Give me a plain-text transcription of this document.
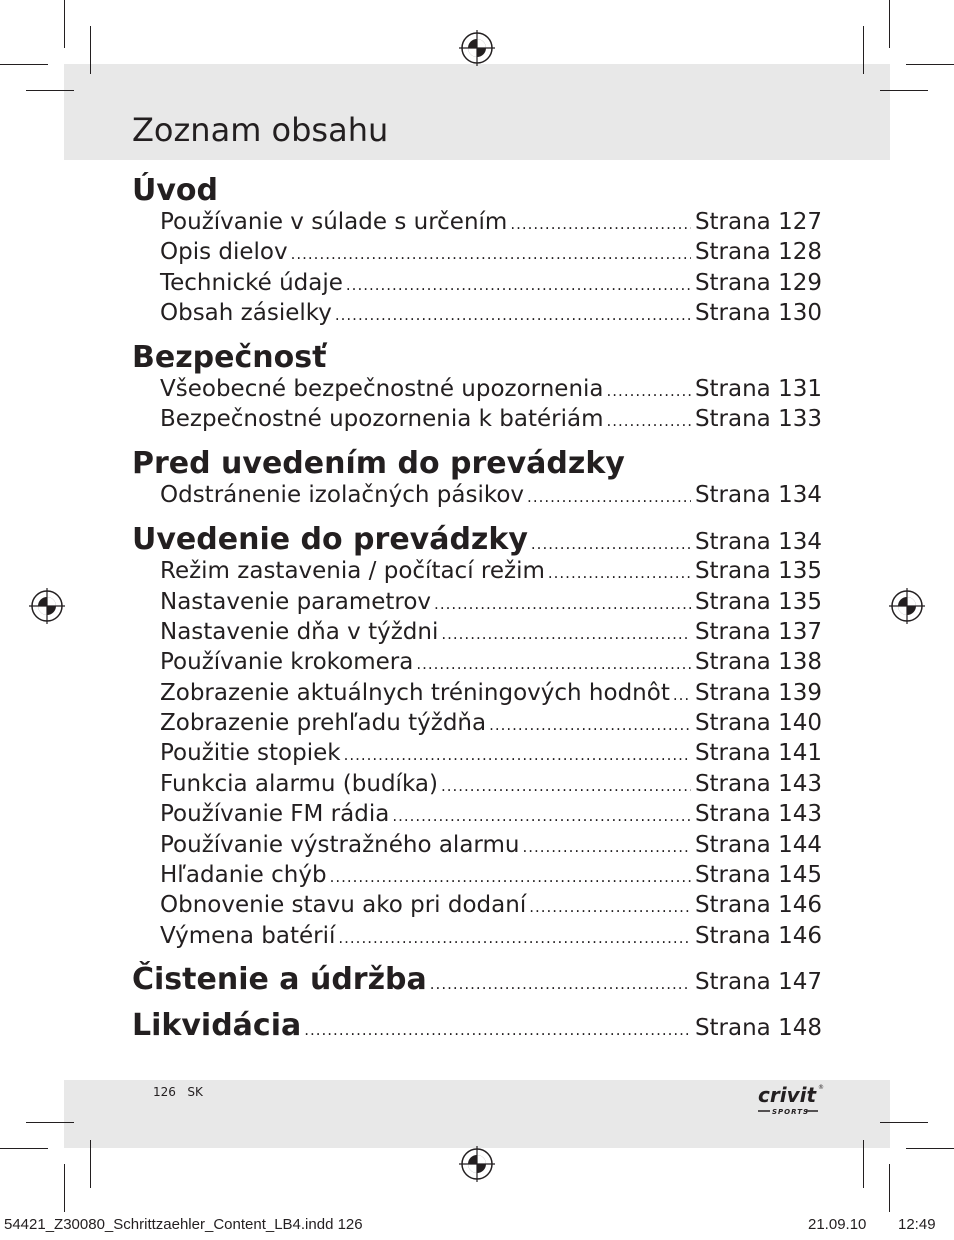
Zoznam obsahu
Úvod
Používanie v súlade s určením .....	Strana 127
Opis dielov .....	Strana 128
Technické údaje .....	Strana 129
Obsah zásielky .....	Strana 130
Bezpečnosť
Všeobecné bezpečnostné upozornenia .....	Strana 131
Bezpečnostné upozornenia k batériám .....	Strana 133
Pred uvedením do prevádzky
Odstránenie izolačných pásikov .....	Strana 134
Uvedenie do prevádzky .....	Strana 134
Režim zastavenia / počítací režim .....	Strana 135
Nastavenie parametrov .....	Strana 135
Nastavenie dňa v týždni .....	Strana 137
Používanie krokomera .....	Strana 138
Zobrazenie aktuálnych tréningových hodnôt ..... Strana 139
Zobrazenie prehľadu týždňa .....	Strana 140
Použitie stopiek .....	Strana 141
Funkcia alarmu (budíka) .....	Strana 143
Používanie FM rádia .....	Strana 143
Používanie výstražného alarmu .....	Strana 144
Hľadanie chýb .....	Strana 145
Obnovenie stavu ako pri dodaní .....	Strana 146
Výmena batérií .....	Strana 146
Čistenie a údržba .....	Strana 147
Likvidácia .....	Strana 148
126 SK	crivit ®
SPORTS
54421_Z30080_Schrittzaehler_Content_LB4.indd 126	21.09.10 12:49
